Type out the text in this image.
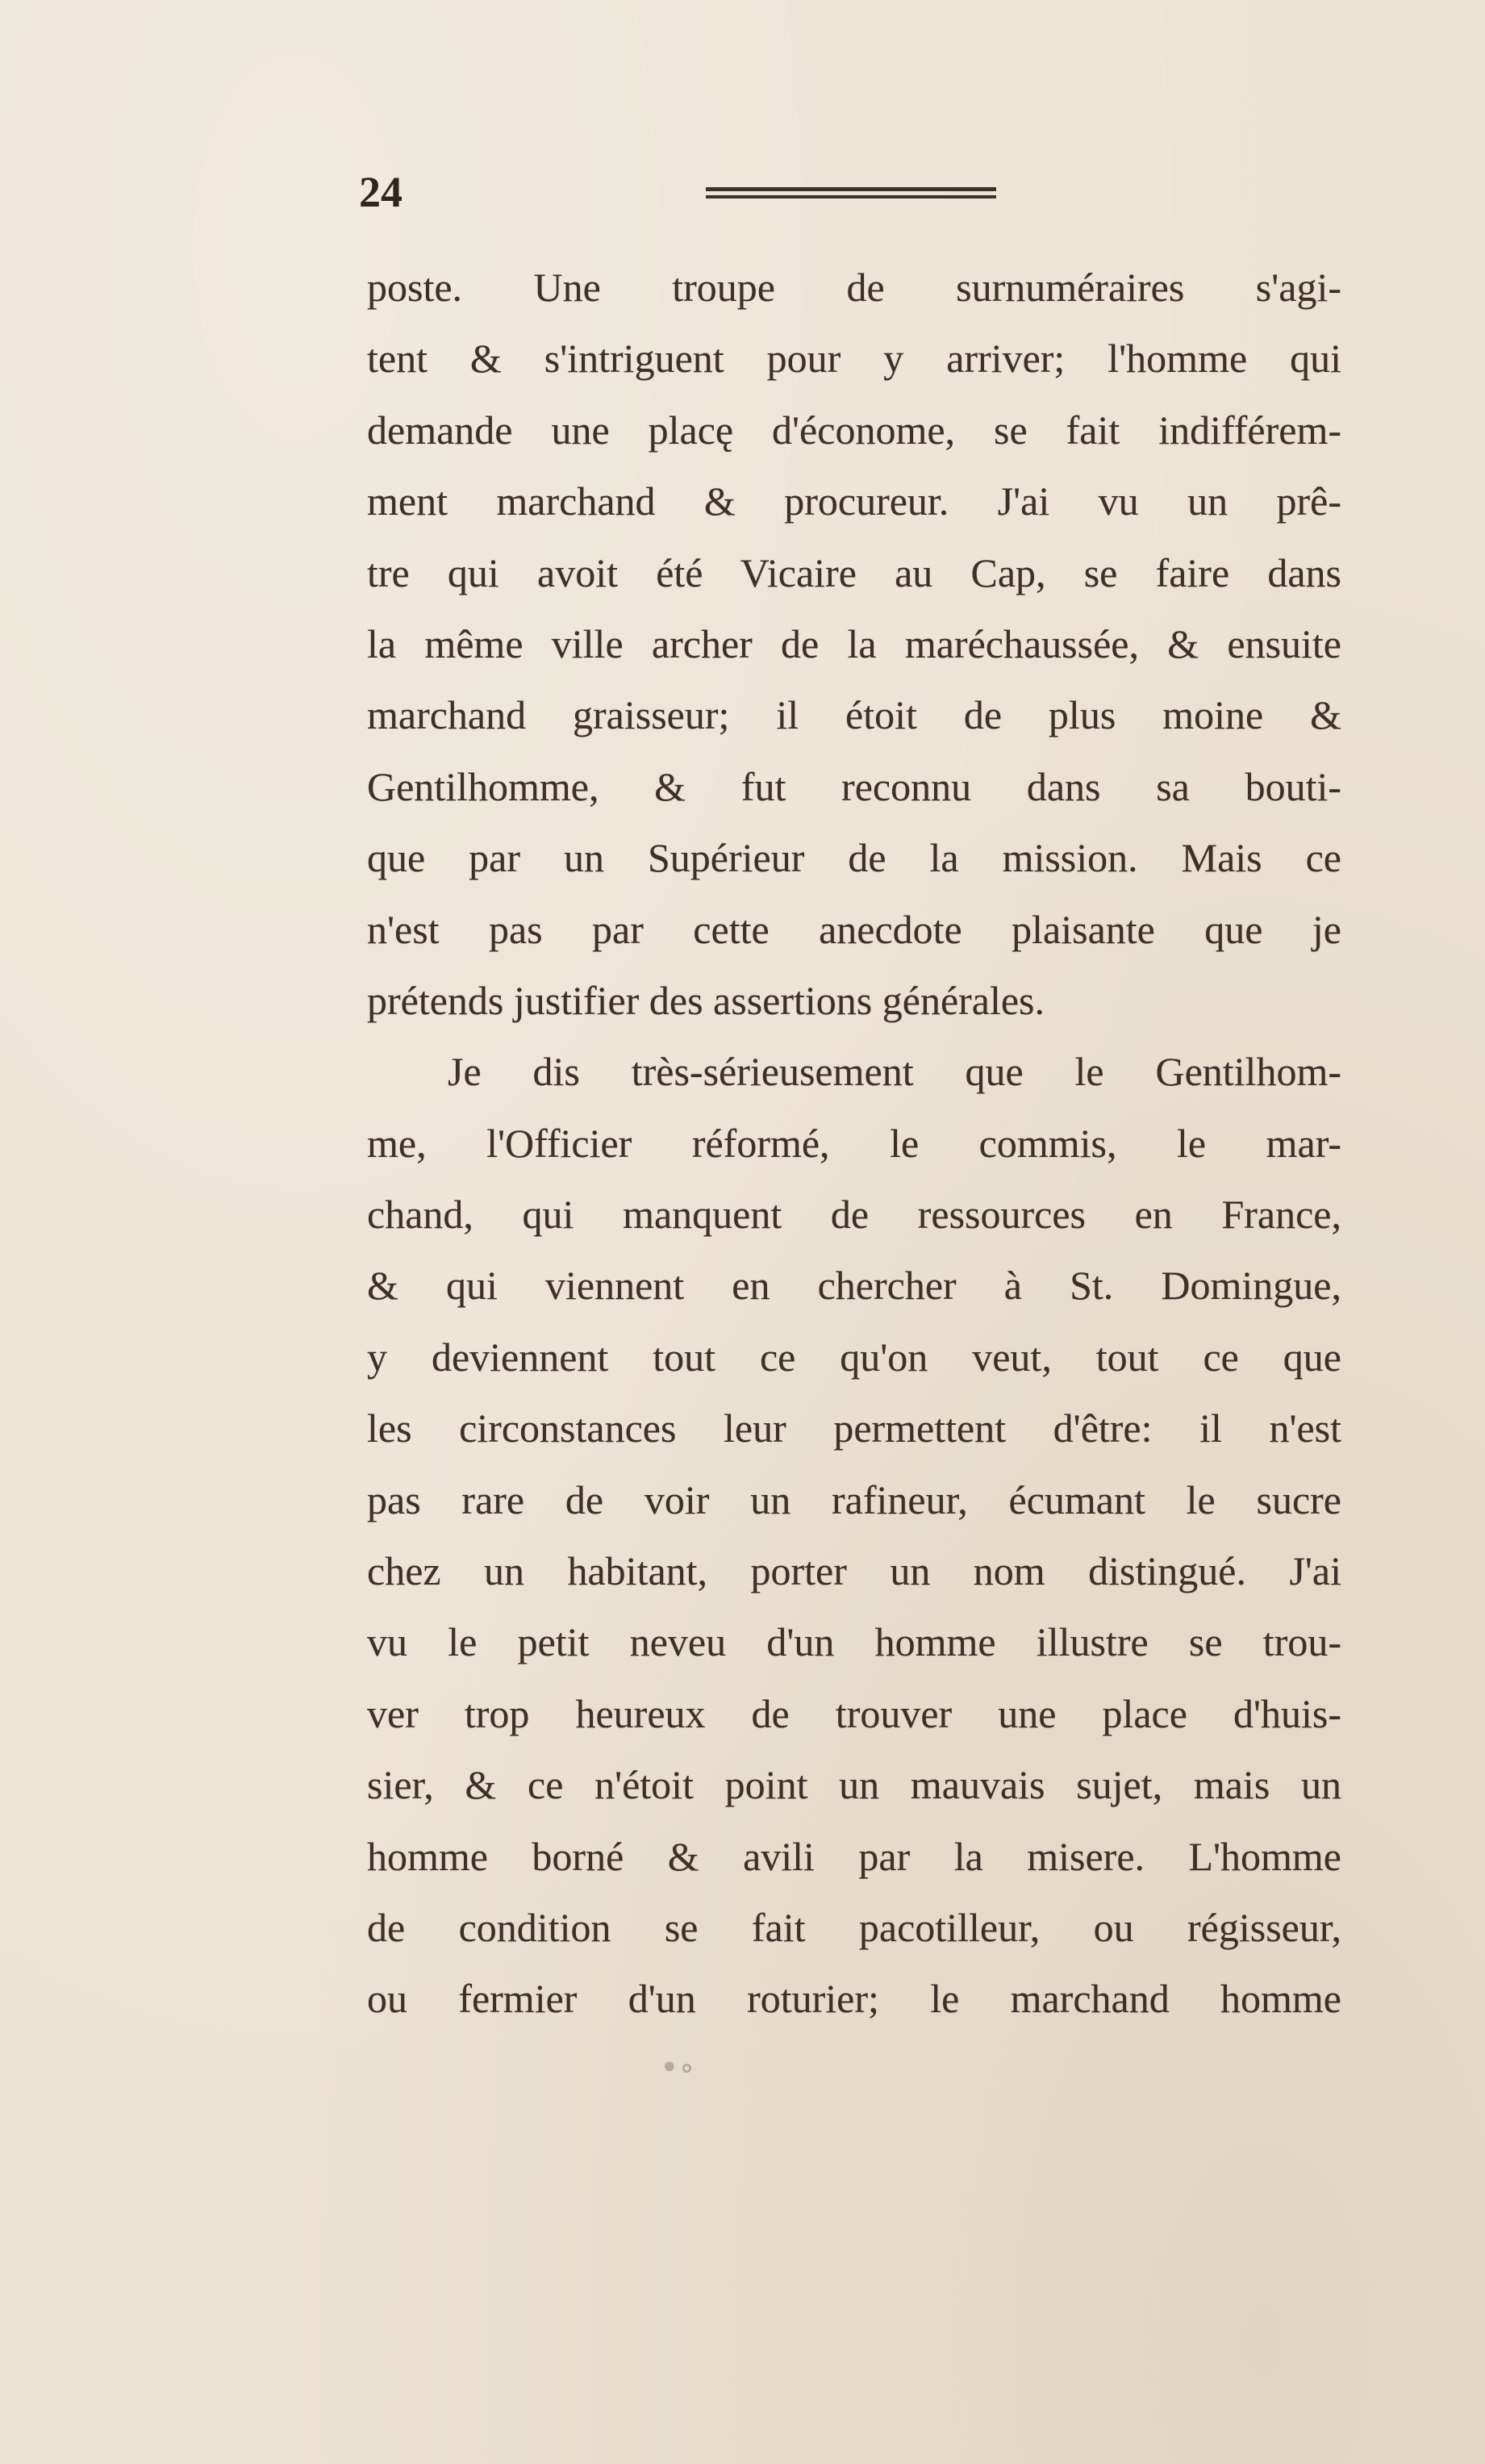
24
poste. Une troupe de surnuméraires s'agi-
tent & s'intriguent pour y arriver; l'homme qui
demande une placę d'économe, se fait indifférem-
ment marchand & procureur. J'ai vu un prê-
tre qui avoit été Vicaire au Cap, se faire dans
la même ville archer de la maréchaussée, & ensuite
marchand graisseur; il étoit de plus moine &
Gentilhomme, & fut reconnu dans sa bouti-
que par un Supérieur de la mission. Mais ce
n'est pas par cette anecdote plaisante que je
prétends justifier des assertions générales.
Je dis très-sérieusement que le Gentilhom-
me, l'Officier réformé, le commis, le mar-
chand, qui manquent de ressources en France,
& qui viennent en chercher à St. Domingue,
y deviennent tout ce qu'on veut, tout ce que
les circonstances leur permettent d'être: il n'est
pas rare de voir un rafineur, écumant le sucre
chez un habitant, porter un nom distingué. J'ai
vu le petit neveu d'un homme illustre se trou-
ver trop heureux de trouver une place d'huis-
sier, & ce n'étoit point un mauvais sujet, mais un
homme borné & avili par la misere. L'homme
de condition se fait pacotilleur, ou régisseur,
ou fermier d'un roturier; le marchand homme
•∘
